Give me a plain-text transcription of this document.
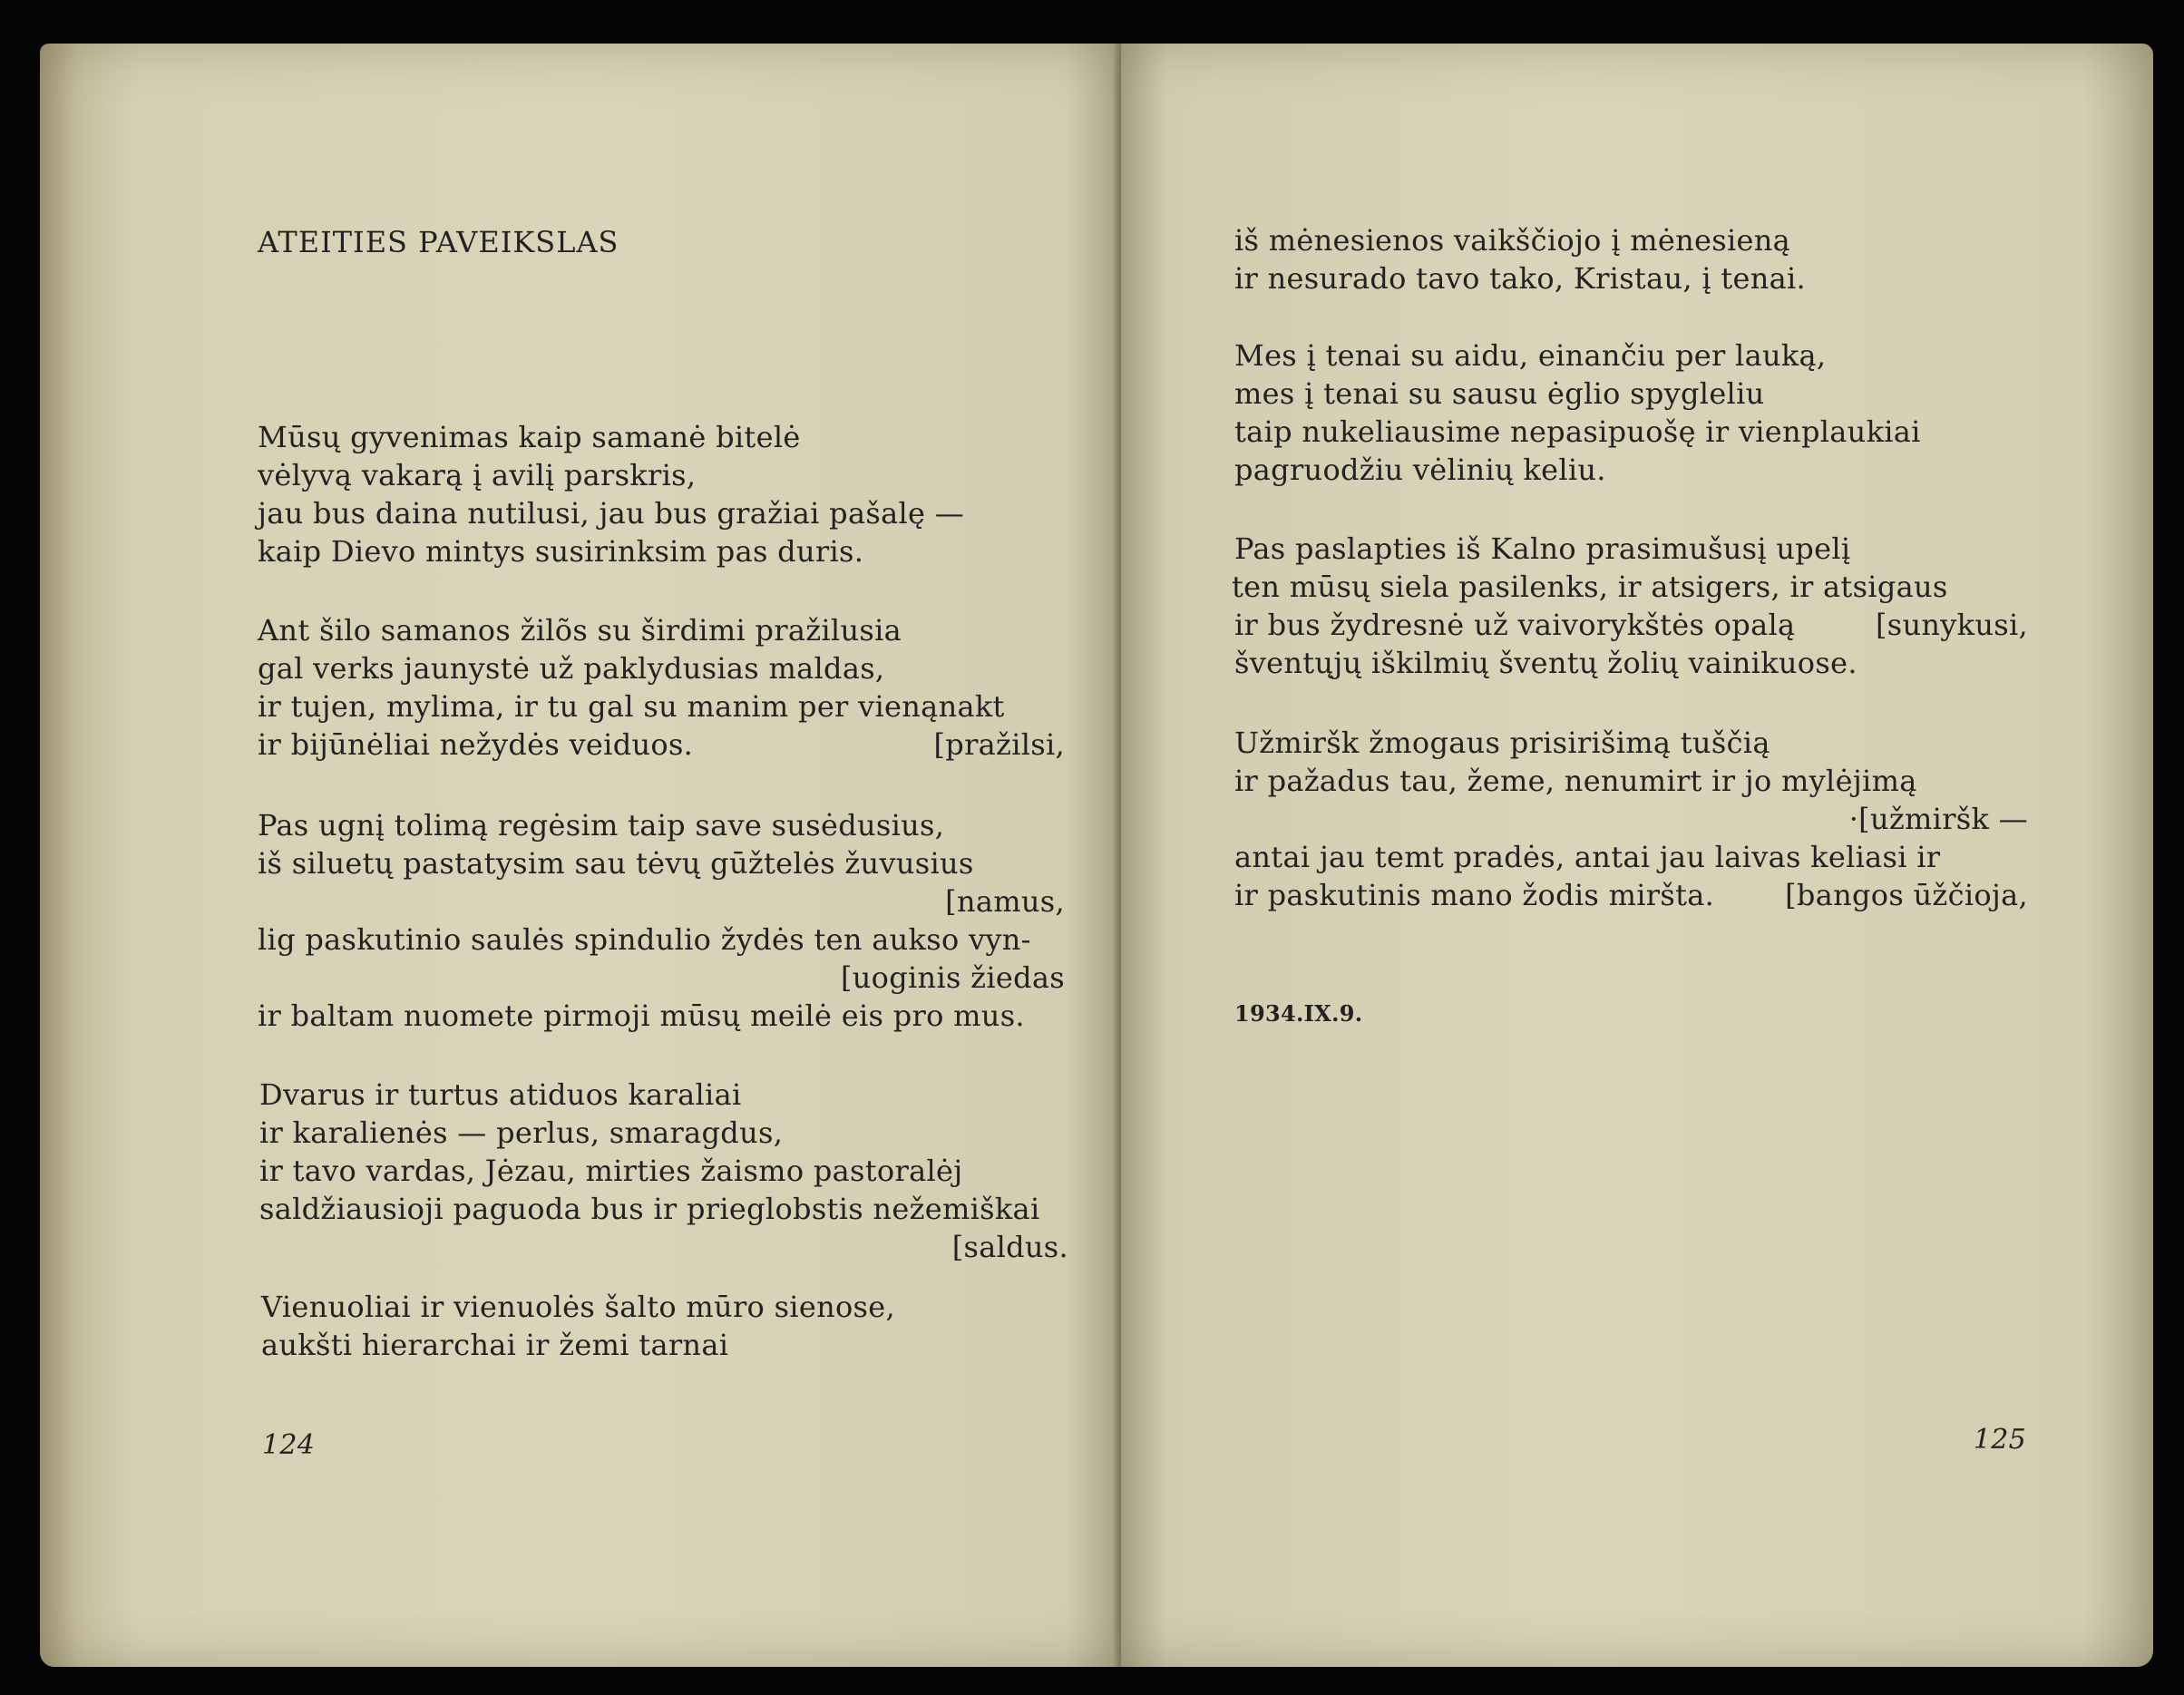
ATEITIES PAVEIKSLAS
Mūsų gyvenimas kaip samanė bitelė
vėlyvą vakarą į avilį parskris,
jau bus daina nutilusi, jau bus gražiai pašalę —
kaip Dievo mintys susirinksim pas duris.
Ant šilo samanos žilõs su širdimi pražilusia
gal verks jaunystė už paklydusias maldas,
ir tujen, mylima, ir tu gal su manim per vienąnakt
ir bijūnėliai nežydės veiduos.	[pražilsi,
Pas ugnį tolimą regėsim taip save susėdusius,
iš siluetų pastatysim sau tėvų gūžtelės žuvusius
[namus,
lig paskutinio saulės spindulio žydės ten aukso vyn-
[uoginis žiedas
ir baltam nuomete pirmoji mūsų meilė eis pro mus.
Dvarus ir turtus atiduos karaliai
ir karalienės — perlus, smaragdus,
ir tavo vardas, Jėzau, mirties žaismo pastoralėj
saldžiausioji paguoda bus ir prieglobstis nežemiškai
[saldus.
Vienuoliai ir vienuolės šalto mūro sienose,
aukšti hierarchai ir žemi tarnai
124
iš mėnesienos vaikščiojo į mėnesieną
ir nesurado tavo tako, Kristau, į tenai.
Mes į tenai su aidu, einančiu per lauką,
mes į tenai su sausu ėglio spygleliu
taip nukeliausime nepasipuošę ir vienplaukiai
pagruodžiu vėlinių keliu.
Pas paslapties iš Kalno prasimušusį upelį
ten mūsų siela pasilenks, ir atsigers, ir atsigaus
ir bus žydresnė už vaivorykštės opalą	[sunykusi,
šventųjų iškilmių šventų žolių vainikuose.
Užmiršk žmogaus prisirišimą tuščią
ir pažadus tau, žeme, nenumirt ir jo mylėjimą
·[užmiršk —
antai jau temt pradės, antai jau laivas keliasi ir
ir paskutinis mano žodis miršta. [bangos ūžčioja,
1934.IX.9.
125
